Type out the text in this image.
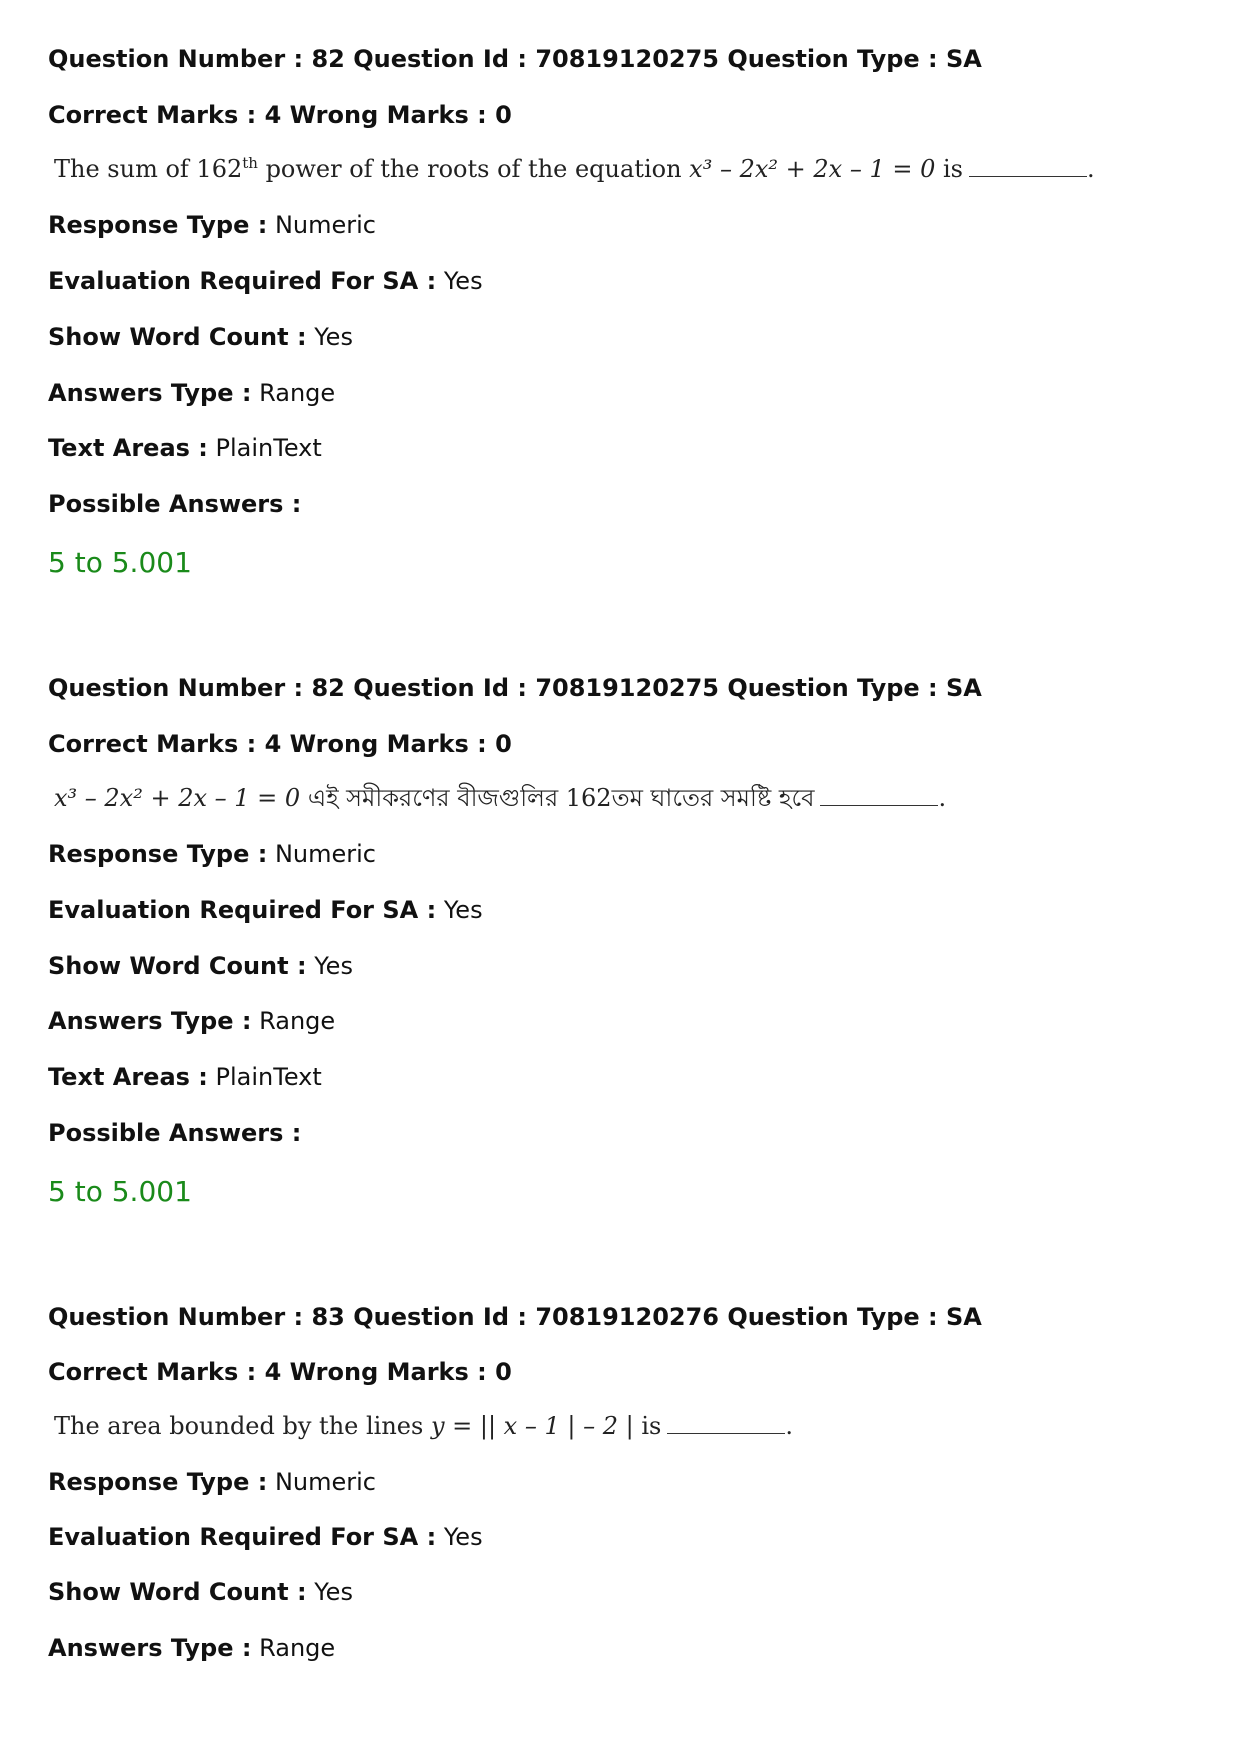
Question Number : 82 Question Id : 70819120275 Question Type : SA
Correct Marks : 4 Wrong Marks : 0
The sum of 162th power of the roots of the equation x³ – 2x² + 2x – 1 = 0 is	.
Response Type : Numeric
Evaluation Required For SA : Yes
Show Word Count : Yes
Answers Type : Range
Text Areas : PlainText
Possible Answers :
5 to 5.001
Question Number : 82 Question Id : 70819120275 Question Type : SA
Correct Marks : 4 Wrong Marks : 0
x³ – 2x² + 2x – 1 = 0 এই সমীকরণের বীজগুলির 162তম ঘাতের সমষ্টি হবে	.
Response Type : Numeric
Evaluation Required For SA : Yes
Show Word Count : Yes
Answers Type : Range
Text Areas : PlainText
Possible Answers :
5 to 5.001
Question Number : 83 Question Id : 70819120276 Question Type : SA
Correct Marks : 4 Wrong Marks : 0
The area bounded by the lines y = || x – 1 | – 2 | is	.
Response Type : Numeric
Evaluation Required For SA : Yes
Show Word Count : Yes
Answers Type : Range
